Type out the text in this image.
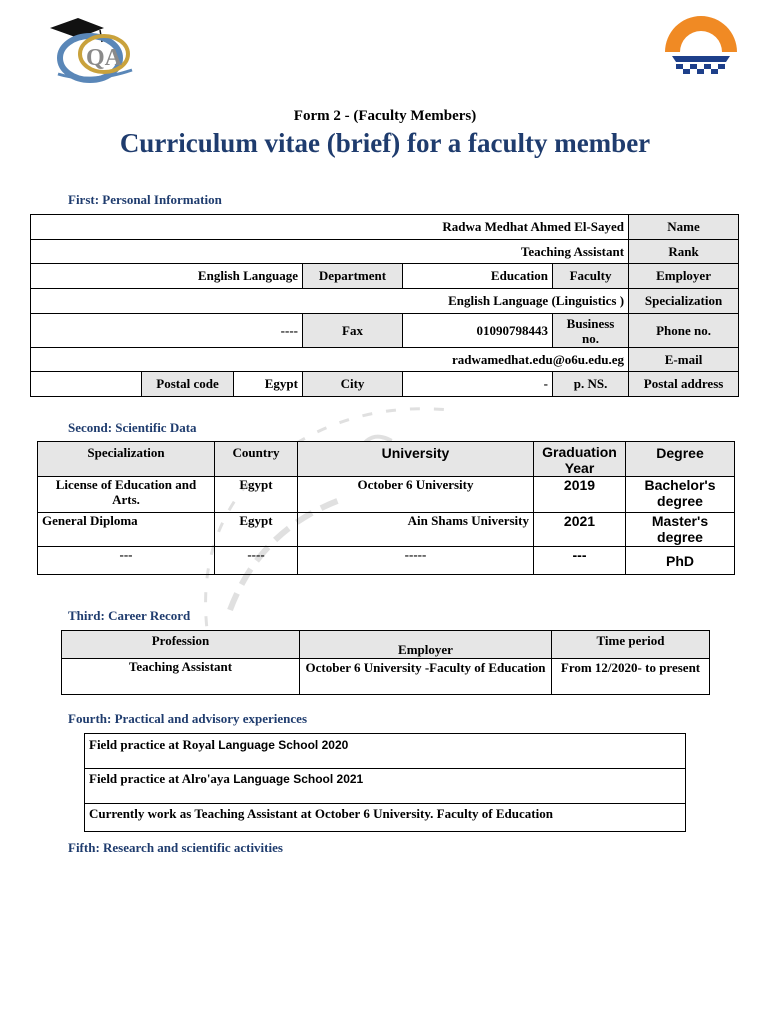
QA
Form 2 - (Faculty Members)
Curriculum vitae (brief) for a faculty member
First: Personal Information
Radwa Medhat Ahmed El-Sayed						Name
Teaching Assistant						Rank
English Language			Department	Education	Faculty	Employer
English Language (Linguistics )						Specialization
----			Fax	01090798443	Business no.	Phone no.
radwamedhat.edu@o6u.edu.eg						E-mail
	Postal code	Egypt	City	-	p. NS.	Postal address
Second: Scientific Data
Specialization	Country	University	Graduation Year	Degree
License of Education and Arts.	Egypt	October 6 University	2019	Bachelor's degree
General Diploma	Egypt	Ain Shams University	2021	Master's degree
---	----	-----	---	PhD
Third: Career Record
Profession	Employer	Time period
Teaching Assistant	October 6 University -Faculty of Education	From 12/2020- to present
Fourth: Practical and advisory experiences
Field practice at Royal Language School 2020
Field practice at Alro'aya Language School 2021
Currently work as Teaching Assistant at October 6 University. Faculty of Education
Fifth: Research and scientific activities
